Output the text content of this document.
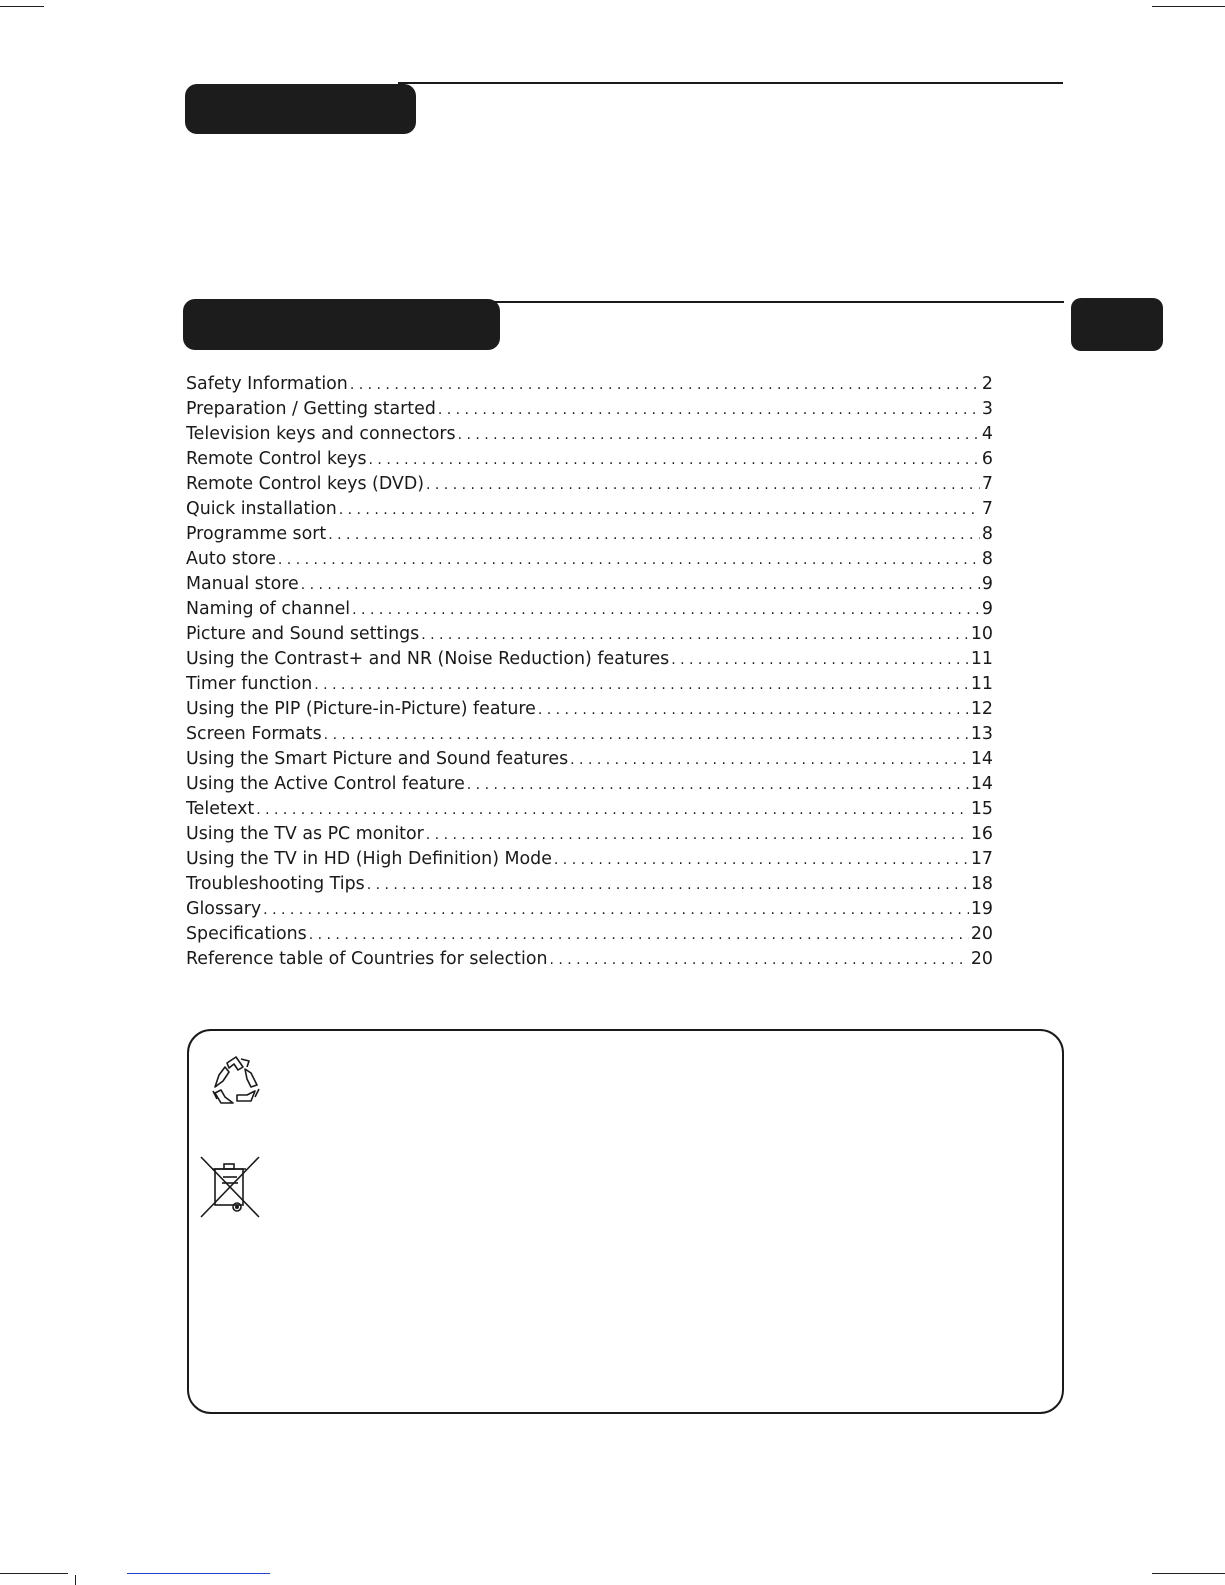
Safety Information . . .	2
Preparation / Getting started . . .	3
Television keys and connectors . . .	4
Remote Control keys . . .	6
Remote Control keys (DVD) . . .	7
Quick installation . . .	7
Programme sort . . .	8
Auto store . . .	8
Manual store . . .	9
Naming of channel . . .	9
Picture and Sound settings . . .	10
Using the Contrast+ and NR (Noise Reduction) features . . .	11
Timer function . . .	11
Using the PIP (Picture-in-Picture) feature . . .	12
Screen Formats . . .	13
Using the Smart Picture and Sound features . . .	14
Using the Active Control feature . . .	14
Teletext . . .	15
Using the TV as PC monitor . . .	16
Using the TV in HD (High Definition) Mode . . .	17
Troubleshooting Tips . . .	18
Glossary . . .	19
Specifications . . .	20
Reference table of Countries for selection . . .	20
